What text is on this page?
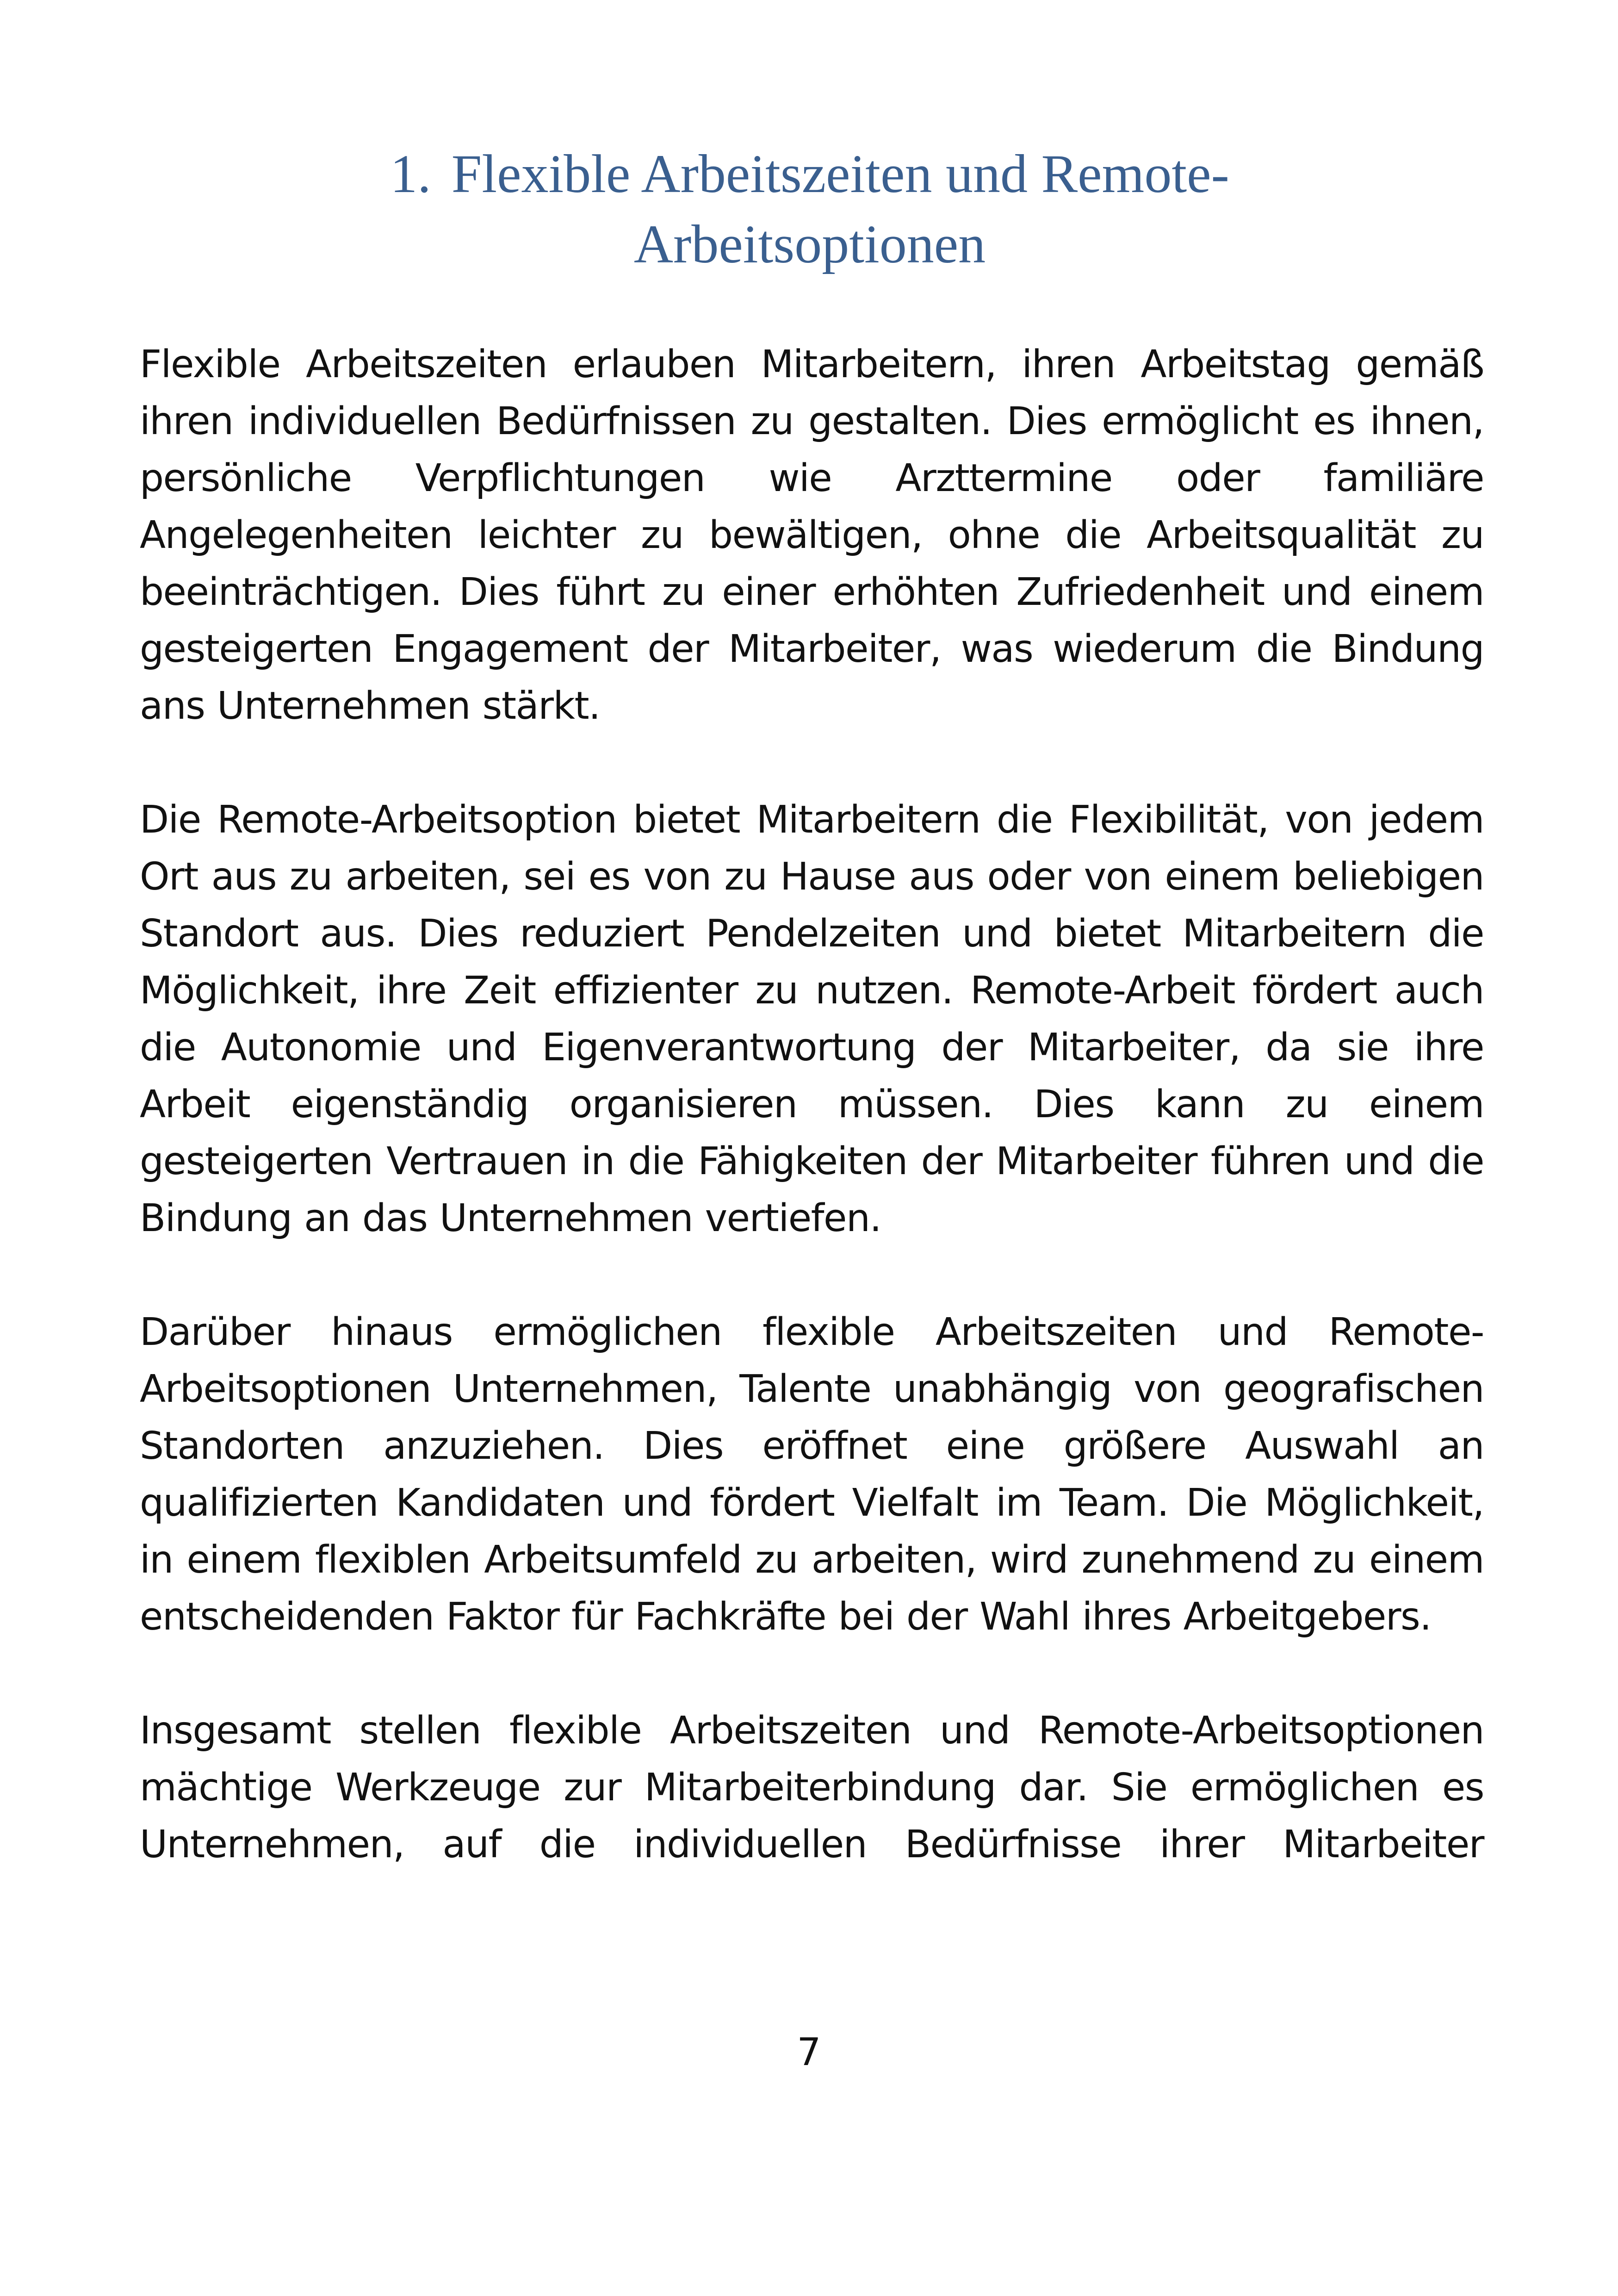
1. Flexible Arbeitszeiten und Remote-
Arbeitsoptionen

Flexible Arbeitszeiten erlauben Mitarbeitern, ihren Arbeitstag gemäß ihren individuellen Bedürfnissen zu gestalten. Dies ermöglicht es ihnen, persönliche Verpflichtungen wie Arzttermine oder familiäre Angelegenheiten leichter zu bewältigen, ohne die Arbeitsqualität zu beeinträchtigen. Dies führt zu einer erhöhten Zufriedenheit und einem gesteigerten Engagement der Mitarbeiter, was wiederum die Bindung ans Unternehmen stärkt.

Die Remote-Arbeitsoption bietet Mitarbeitern die Flexibilität, von jedem Ort aus zu arbeiten, sei es von zu Hause aus oder von einem beliebigen Standort aus. Dies reduziert Pendelzeiten und bietet Mitarbeitern die Möglichkeit, ihre Zeit effizienter zu nutzen. Remote-Arbeit fördert auch die Autonomie und Eigenverantwortung der Mitarbeiter, da sie ihre Arbeit eigenständig organisieren müssen. Dies kann zu einem gesteigerten Vertrauen in die Fähigkeiten der Mitarbeiter führen und die Bindung an das Unternehmen vertiefen.

Darüber hinaus ermöglichen flexible Arbeitszeiten und Remote-Arbeitsoptionen Unternehmen, Talente unabhängig von geografischen Standorten anzuziehen. Dies eröffnet eine größere Auswahl an qualifizierten Kandidaten und fördert Vielfalt im Team. Die Möglichkeit, in einem flexiblen Arbeitsumfeld zu arbeiten, wird zunehmend zu einem entscheidenden Faktor für Fachkräfte bei der Wahl ihres Arbeitgebers.

Insgesamt stellen flexible Arbeitszeiten und Remote-Arbeitsoptionen mächtige Werkzeuge zur Mitarbeiterbindung dar. Sie ermöglichen es Unternehmen, auf die individuellen Bedürfnisse ihrer Mitarbeiter

7
